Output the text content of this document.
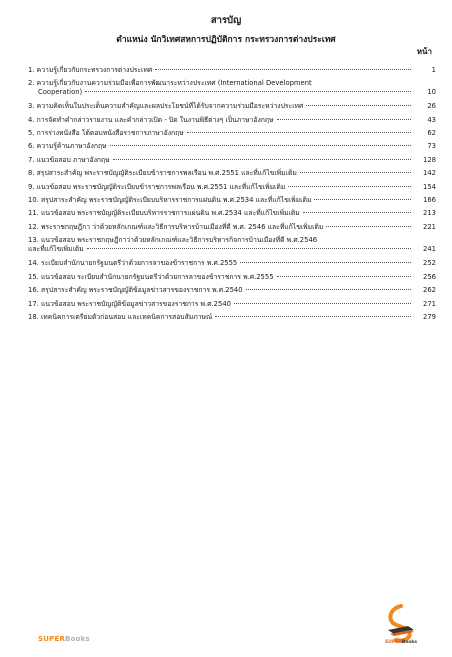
สารบัญ
ตำแหน่ง นักวิเทศสหการปฏิบัติการ กระทรวงการต่างประเทศ
หน้า
1. ความรู้เกี่ยวกับกระทรวงการต่างประเทศ	1
2. ความรู้เกี่ยวกับงานความร่วมมือเพื่อการพัฒนาระหว่างประเทศ (International Development
Cooperation)	10
3. ความคิดเห็นในประเด็นความสำคัญและผลประโยชน์ที่ได้รับจากความร่วมมือระหว่างประเทศ	26
4. การจัดทำคำกล่าวรายงาน และคำกล่าวเปิด - ปิด ในงานพิธีต่างๆ เป็นภาษาอังกฤษ	43
5. การร่างหนังสือ โต้ตอบหนังสือราชการภาษาอังกฤษ	62
6. ความรู้ด้านภาษาอังกฤษ	73
7. แนวข้อสอบ ภาษาอังกฤษ	128
8. สรุปสาระสำคัญ พระราชบัญญัติระเบียบข้าราชการพลเรือน พ.ศ.2551 และที่แก้ไขเพิ่มเติม	142
9. แนวข้อสอบ พระราชบัญญัติระเบียบข้าราชการพลเรือน พ.ศ.2551 และที่แก้ไขเพิ่มเติม	154
10. สรุปสาระสำคัญ พระราชบัญญัติระเบียบบริหารราชการแผ่นดิน พ.ศ.2534 และที่แก้ไขเพิ่มเติม	166
11. แนวข้อสอบ พระราชบัญญัติระเบียบบริหารราชการแผ่นดิน พ.ศ.2534 และที่แก้ไขเพิ่มเติม	213
12. พระราชกฤษฎีกา ว่าด้วยหลักเกณฑ์และวิธีการบริหารบ้านเมืองที่ดี พ.ศ. 2546 และที่แก้ไขเพิ่มเติม	221
13. แนวข้อสอบ พระราชกฤษฎีกาว่าด้วยหลักเกณฑ์และวิธีการบริหารกิจการบ้านเมืองที่ดี พ.ศ.2546
และที่แก้ไขเพิ่มเติม	241
14. ระเบียบสำนักนายกรัฐมนตรีว่าด้วยการลาของข้าราชการ พ.ศ.2555	252
15. แนวข้อสอบ ระเบียบสำนักนายกรัฐมนตรีว่าด้วยการลาของข้าราชการ พ.ศ.2555	256
16. สรุปสาระสำคัญ พระราชบัญญัติข้อมูลข่าวสารของราชการ พ.ศ.2540	262
17. แนวข้อสอบ พระราชบัญญัติข้อมูลข่าวสารของราชการ พ.ศ.2540	271
18. เทคนิคการเตรียมตัวก่อนสอบ และเทคนิคการสอบสัมภาษณ์	279
SUPERBooks	SUPERBooks
